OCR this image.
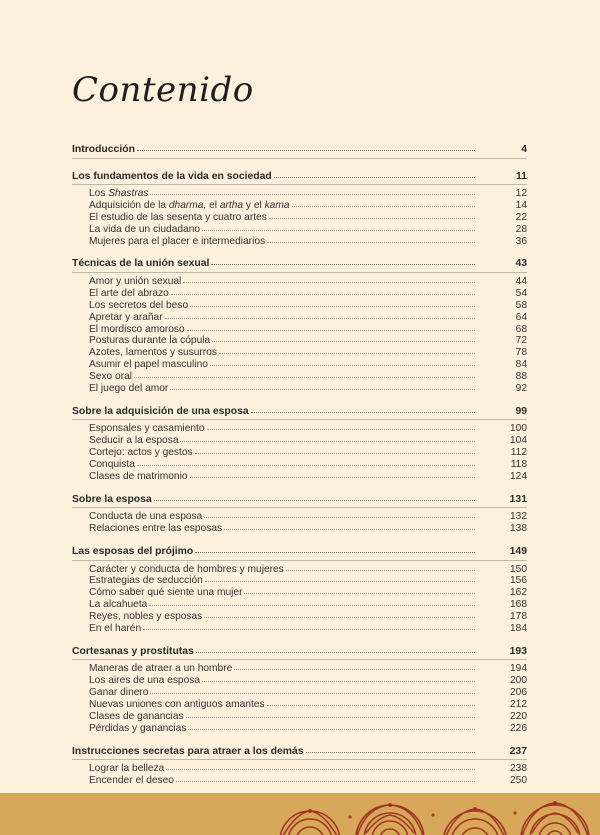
Contenido
Introducción	4
Los fundamentos de la vida en sociedad	11
Los Shastras	12
Adquisición de la dharma, el artha y el kama	14
El estudio de las sesenta y cuatro artes	22
La vida de un ciudadano	28
Mujeres para el placer e intermediarios	36
Técnicas de la unión sexual	43
Amor y unión sexual	44
El arte del abrazo	54
Los secretos del beso	58
Apretar y arañar	64
El mordisco amoroso	68
Posturas durante la cópula	72
Azotes, lamentos y susurros	78
Asumir el papel masculino	84
Sexo oral	88
El juego del amor	92
Sobre la adquisición de una esposa	99
Esponsales y casamiento	100
Seducir a la esposa	104
Cortejo: actos y gestos	112
Conquista	118
Clases de matrimonio	124
Sobre la esposa	131
Conducta de una esposa	132
Relaciones entre las esposas	138
Las esposas del prójimo	149
Carácter y conducta de hombres y mujeres	150
Estrategias de seducción	156
Cómo saber qué siente una mujer	162
La alcahueta	168
Reyes, nobles y esposas	178
En el harén	184
Cortesanas y prostitutas	193
Maneras de atraer a un hombre	194
Los aires de una esposa	200
Ganar dinero	206
Nuevas uniones con antiguos amantes	212
Clases de ganancias	220
Pérdidas y ganancias	226
Instrucciones secretas para atraer a los demás	237
Lograr la belleza	238
Encender el deseo	250
